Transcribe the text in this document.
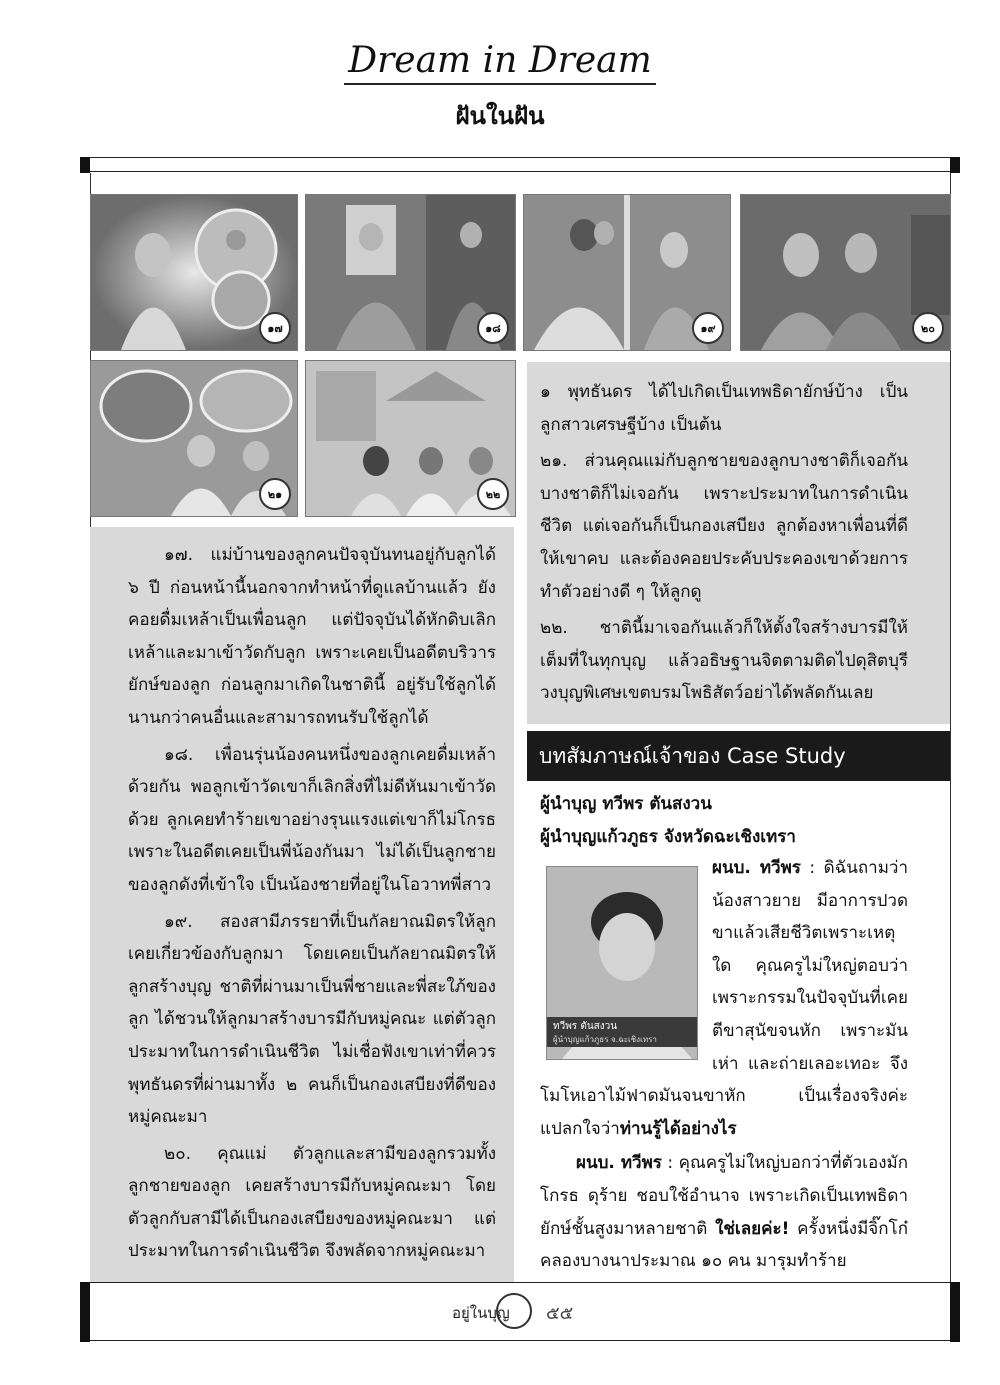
Dream in Dream
ฝันในฝัน
๑๗	๑๘	๑๙	๒๐
๒๑	๒๒

๑๗. แม่บ้านของลูกคนปัจจุบันทนอยู่กับลูกได้ ๖ ปี ก่อนหน้านี้นอกจากทำหน้าที่ดูแลบ้านแล้ว ยังคอยดื่มเหล้าเป็นเพื่อนลูก แต่ปัจจุบันได้หักดิบเลิกเหล้าและมาเข้าวัดกับลูก เพราะเคยเป็นอดีตบริวารยักษ์ของลูก ก่อนลูกมาเกิดในชาตินี้ อยู่รับใช้ลูกได้นานกว่าคนอื่นและสามารถทนรับใช้ลูกได้

๑๘. เพื่อนรุ่นน้องคนหนึ่งของลูกเคยดื่มเหล้าด้วยกัน พอลูกเข้าวัดเขาก็เลิกสิ่งที่ไม่ดีหันมาเข้าวัดด้วย ลูกเคยทำร้ายเขาอย่างรุนแรงแต่เขาก็ไม่โกรธ เพราะในอดีตเคยเป็นพี่น้องกันมา ไม่ได้เป็นลูกชายของลูกดังที่เข้าใจ เป็นน้องชายที่อยู่ในโอวาทพี่สาว

๑๙. สองสามีภรรยาที่เป็นกัลยาณมิตรให้ลูก เคยเกี่ยวข้องกับลูกมา โดยเคยเป็นกัลยาณมิตรให้ลูกสร้างบุญ ชาติที่ผ่านมาเป็นพี่ชายและพี่สะใภ้ของลูก ได้ชวนให้ลูกมาสร้างบารมีกับหมู่คณะ แต่ตัวลูกประมาทในการดำเนินชีวิต ไม่เชื่อฟังเขาเท่าที่ควร พุทธันดรที่ผ่านมาทั้ง ๒ คนก็เป็นกองเสบียงที่ดีของหมู่คณะมา

๒๐. คุณแม่ ตัวลูกและสามีของลูกรวมทั้งลูกชายของลูก เคยสร้างบารมีกับหมู่คณะมา โดยตัวลูกกับสามีได้เป็นกองเสบียงของหมู่คณะมา แต่ประมาทในการดำเนินชีวิต จึงพลัดจากหมู่คณะมา

๑ พุทธันดร ได้ไปเกิดเป็นเทพธิดายักษ์บ้าง เป็นลูกสาวเศรษฐีบ้าง เป็นต้น

๒๑. ส่วนคุณแม่กับลูกชายของลูกบางชาติก็เจอกัน บางชาติก็ไม่เจอกัน เพราะประมาทในการดำเนินชีวิต แต่เจอกันก็เป็นกองเสบียง ลูกต้องหาเพื่อนที่ดีให้เขาคบ และต้องคอยประคับประคองเขาด้วยการทำตัวอย่างดี ๆ ให้ลูกดู

๒๒. ชาตินี้มาเจอกันแล้วก็ให้ตั้งใจสร้างบารมีให้เต็มที่ในทุกบุญ แล้วอธิษฐานจิตตามติดไปดุสิตบุรี วงบุญพิเศษเขตบรมโพธิสัตว์อย่าได้พลัดกันเลย

บทสัมภาษณ์เจ้าของ Case Study
ผู้นำบุญ ทวีพร ตันสงวน
ผู้นำบุญแก้วภูธร จังหวัดฉะเชิงเทรา
ทวีพร ตันสงวน
ผู้นำบุญแก้วภูธร จ.ฉะเชิงเทรา

ผนบ. ทวีพร : ดิฉันถามว่าน้องสาวยาย มีอาการปวดขาแล้วเสียชีวิตเพราะเหตุใด คุณครูไม่ใหญ่ตอบว่า เพราะกรรมในปัจจุบันที่เคยตีขาสุนัขจนหัก เพราะมันเห่า และถ่ายเลอะเทอะ จึงโมโหเอาไม้ฟาดมันจนขาหัก เป็นเรื่องจริงค่ะ แปลกใจว่าท่านรู้ได้อย่างไร

ผนบ. ทวีพร : คุณครูไม่ใหญ่บอกว่าที่ตัวเองมักโกรธ ดุร้าย ชอบใช้อำนาจ เพราะเกิดเป็นเทพธิดายักษ์ชั้นสูงมาหลายชาติ ใช่เลยค่ะ! ครั้งหนึ่งมีจิ๊กโก๋คลองบางนาประมาณ ๑๐ คน มารุมทำร้าย

อยู่ในบุญ ๕๕
